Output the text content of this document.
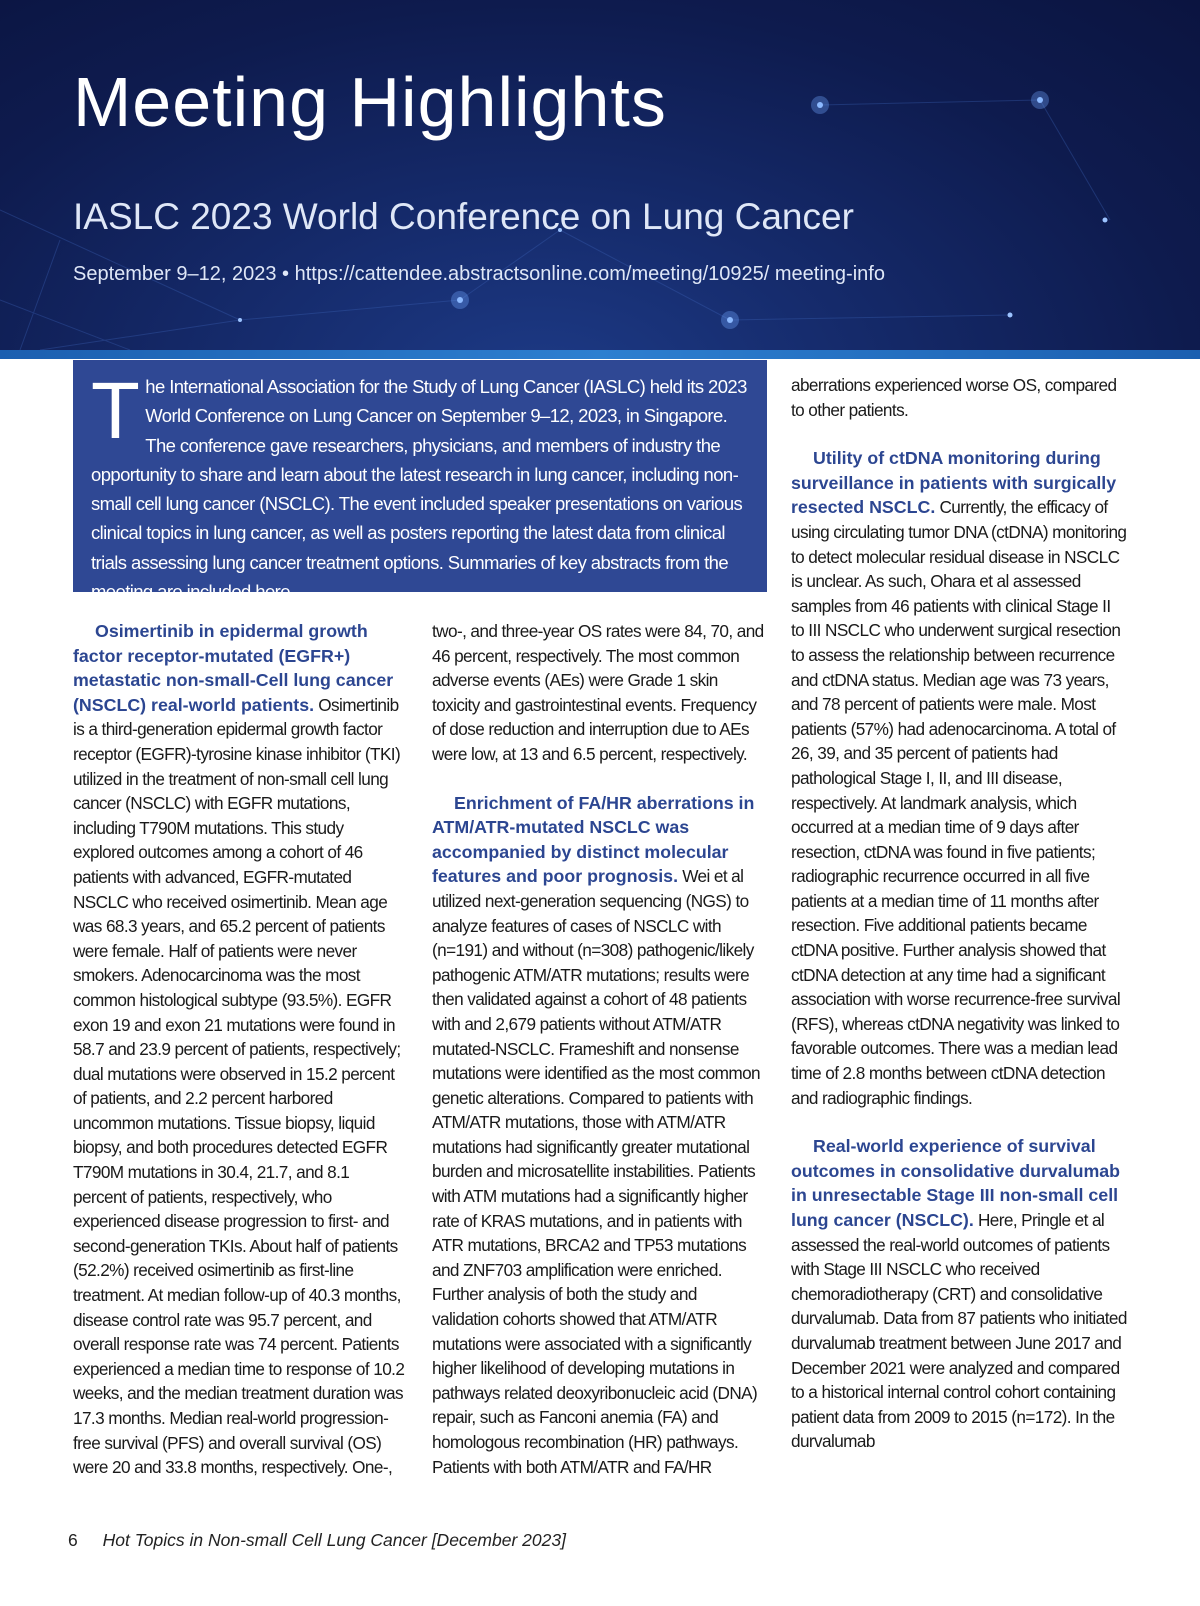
Meeting Highlights
IASLC 2023 World Conference on Lung Cancer

September 9–12, 2023 • https://cattendee.abstractsonline.com/meeting/10925/ meeting-info

The International Association for the Study of Lung Cancer (IASLC) held its 2023 World Conference on Lung Cancer on September 9–12, 2023, in Singapore. The conference gave researchers, physicians, and members of industry the opportunity to share and learn about the latest research in lung cancer, including non-small cell lung cancer (NSCLC). The event included speaker presentations on various clinical topics in lung cancer, as well as posters reporting the latest data from clinical trials assessing lung cancer treatment options. Summaries of key abstracts from the meeting are included here.

Osimertinib in epidermal growth factor receptor-mutated (EGFR+) metastatic non-small-Cell lung cancer (NSCLC) real-world patients. Osimertinib is a third-generation epidermal growth factor receptor (EGFR)-tyrosine kinase inhibitor (TKI) utilized in the treatment of non-small cell lung cancer (NSCLC) with EGFR mutations, including T790M mutations. This study explored outcomes among a cohort of 46 patients with advanced, EGFR-mutated NSCLC who received osimertinib. Mean age was 68.3 years, and 65.2 percent of patients were female. Half of patients were never smokers. Adenocarcinoma was the most common histological subtype (93.5%). EGFR exon 19 and exon 21 mutations were found in 58.7 and 23.9 percent of patients, respectively; dual mutations were observed in 15.2 percent of patients, and 2.2 percent harbored uncommon mutations. Tissue biopsy, liquid biopsy, and both procedures detected EGFR T790M mutations in 30.4, 21.7, and 8.1 percent of patients, respectively, who experienced disease progression to first- and second-generation TKIs. About half of patients (52.2%) received osimertinib as first-line treatment. At median follow-up of 40.3 months, disease control rate was 95.7 percent, and overall response rate was 74 percent. Patients experienced a median time to response of 10.2 weeks, and the median treatment duration was 17.3 months. Median real-world progression-free survival (PFS) and overall survival (OS) were 20 and 33.8 months, respectively. One-,

two-, and three-year OS rates were 84, 70, and 46 percent, respectively. The most common adverse events (AEs) were Grade 1 skin toxicity and gastrointestinal events. Frequency of dose reduction and interruption due to AEs were low, at 13 and 6.5 percent, respectively.

Enrichment of FA/HR aberrations in ATM/ATR-mutated NSCLC was accompanied by distinct molecular features and poor prognosis. Wei et al utilized next-generation sequencing (NGS) to analyze features of cases of NSCLC with (n=191) and without (n=308) pathogenic/likely pathogenic ATM/ATR mutations; results were then validated against a cohort of 48 patients with and 2,679 patients without ATM/ATR mutated-NSCLC. Frameshift and nonsense mutations were identified as the most common genetic alterations. Compared to patients with ATM/ATR mutations, those with ATM/ATR mutations had significantly greater mutational burden and microsatellite instabilities. Patients with ATM mutations had a significantly higher rate of KRAS mutations, and in patients with ATR mutations, BRCA2 and TP53 mutations and ZNF703 amplification were enriched. Further analysis of both the study and validation cohorts showed that ATM/ATR mutations were associated with a significantly higher likelihood of developing mutations in pathways related deoxyribonucleic acid (DNA) repair, such as Fanconi anemia (FA) and homologous recombination (HR) pathways. Patients with both ATM/ATR and FA/HR

aberrations experienced worse OS, compared to other patients.

Utility of ctDNA monitoring during surveillance in patients with surgically resected NSCLC. Currently, the efficacy of using circulating tumor DNA (ctDNA) monitoring to detect molecular residual disease in NSCLC is unclear. As such, Ohara et al assessed samples from 46 patients with clinical Stage II to III NSCLC who underwent surgical resection to assess the relationship between recurrence and ctDNA status. Median age was 73 years, and 78 percent of patients were male. Most patients (57%) had adenocarcinoma. A total of 26, 39, and 35 percent of patients had pathological Stage I, II, and III disease, respectively. At landmark analysis, which occurred at a median time of 9 days after resection, ctDNA was found in five patients; radiographic recurrence occurred in all five patients at a median time of 11 months after resection. Five additional patients became ctDNA positive. Further analysis showed that ctDNA detection at any time had a significant association with worse recurrence-free survival (RFS), whereas ctDNA negativity was linked to favorable outcomes. There was a median lead time of 2.8 months between ctDNA detection and radiographic findings.

Real-world experience of survival outcomes in consolidative durvalumab in unresectable Stage III non-small cell lung cancer (NSCLC). Here, Pringle et al assessed the real-world outcomes of patients with Stage III NSCLC who received chemoradiotherapy (CRT) and consolidative durvalumab. Data from 87 patients who initiated durvalumab treatment between June 2017 and December 2021 were analyzed and compared to a historical internal control cohort containing patient data from 2009 to 2015 (n=172). In the durvalumab

6 Hot Topics in Non-small Cell Lung Cancer [December 2023]
